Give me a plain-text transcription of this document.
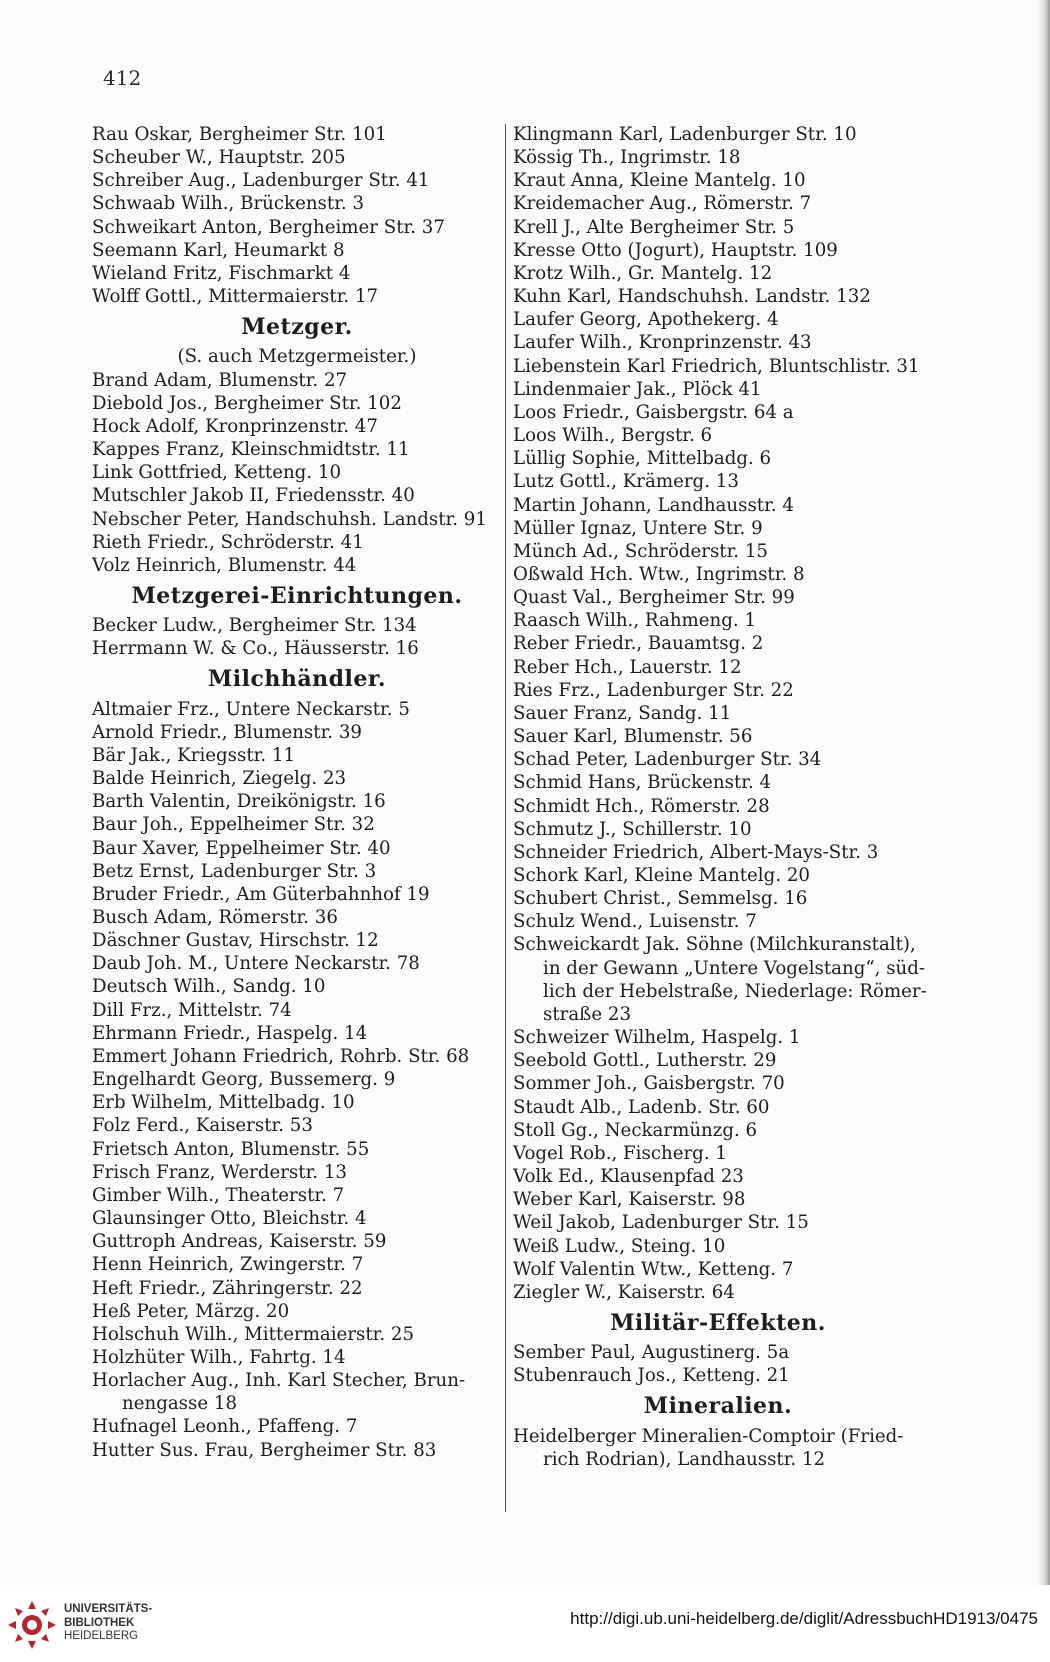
412
Rau Oskar, Bergheimer Str. 101
Scheuber W., Hauptstr. 205
Schreiber Aug., Ladenburger Str. 41
Schwaab Wilh., Brückenstr. 3
Schweikart Anton, Bergheimer Str. 37
Seemann Karl, Heumarkt 8
Wieland Fritz, Fischmarkt 4
Wolff Gottl., Mittermaierstr. 17
Metzger.
(S. auch Metzgermeister.)
Brand Adam, Blumenstr. 27
Diebold Jos., Bergheimer Str. 102
Hock Adolf, Kronprinzenstr. 47
Kappes Franz, Kleinschmidtstr. 11
Link Gottfried, Ketteng. 10
Mutschler Jakob II, Friedensstr. 40
Nebscher Peter, Handschuhsh. Landstr. 91
Rieth Friedr., Schröderstr. 41
Volz Heinrich, Blumenstr. 44
Metzgerei-Einrichtungen.
Becker Ludw., Bergheimer Str. 134
Herrmann W. & Co., Häusserstr. 16
Milchhändler.
Altmaier Frz., Untere Neckarstr. 5
Arnold Friedr., Blumenstr. 39
Bär Jak., Kriegsstr. 11
Balde Heinrich, Ziegelg. 23
Barth Valentin, Dreikönigstr. 16
Baur Joh., Eppelheimer Str. 32
Baur Xaver, Eppelheimer Str. 40
Betz Ernst, Ladenburger Str. 3
Bruder Friedr., Am Güterbahnhof 19
Busch Adam, Römerstr. 36
Däschner Gustav, Hirschstr. 12
Daub Joh. M., Untere Neckarstr. 78
Deutsch Wilh., Sandg. 10
Dill Frz., Mittelstr. 74
Ehrmann Friedr., Haspelg. 14
Emmert Johann Friedrich, Rohrb. Str. 68
Engelhardt Georg, Bussemerg. 9
Erb Wilhelm, Mittelbadg. 10
Folz Ferd., Kaiserstr. 53
Frietsch Anton, Blumenstr. 55
Frisch Franz, Werderstr. 13
Gimber Wilh., Theaterstr. 7
Glaunsinger Otto, Bleichstr. 4
Guttroph Andreas, Kaiserstr. 59
Henn Heinrich, Zwingerstr. 7
Heft Friedr., Zähringerstr. 22
Heß Peter, Märzg. 20
Holschuh Wilh., Mittermaierstr. 25
Holzhüter Wilh., Fahrtg. 14
Horlacher Aug., Inh. Karl Stecher, Brun-
nengasse 18
Hufnagel Leonh., Pfaffeng. 7
Hutter Sus. Frau, Bergheimer Str. 83
Klingmann Karl, Ladenburger Str. 10
Kössig Th., Ingrimstr. 18
Kraut Anna, Kleine Mantelg. 10
Kreidemacher Aug., Römerstr. 7
Krell J., Alte Bergheimer Str. 5
Kresse Otto (Jogurt), Hauptstr. 109
Krotz Wilh., Gr. Mantelg. 12
Kuhn Karl, Handschuhsh. Landstr. 132
Laufer Georg, Apothekerg. 4
Laufer Wilh., Kronprinzenstr. 43
Liebenstein Karl Friedrich, Bluntschlistr. 31
Lindenmaier Jak., Plöck 41
Loos Friedr., Gaisbergstr. 64 a
Loos Wilh., Bergstr. 6
Lüllig Sophie, Mittelbadg. 6
Lutz Gottl., Krämerg. 13
Martin Johann, Landhausstr. 4
Müller Ignaz, Untere Str. 9
Münch Ad., Schröderstr. 15
Oßwald Hch. Wtw., Ingrimstr. 8
Quast Val., Bergheimer Str. 99
Raasch Wilh., Rahmeng. 1
Reber Friedr., Bauamtsg. 2
Reber Hch., Lauerstr. 12
Ries Frz., Ladenburger Str. 22
Sauer Franz, Sandg. 11
Sauer Karl, Blumenstr. 56
Schad Peter, Ladenburger Str. 34
Schmid Hans, Brückenstr. 4
Schmidt Hch., Römerstr. 28
Schmutz J., Schillerstr. 10
Schneider Friedrich, Albert-Mays-Str. 3
Schork Karl, Kleine Mantelg. 20
Schubert Christ., Semmelsg. 16
Schulz Wend., Luisenstr. 7
Schweickardt Jak. Söhne (Milchkuranstalt),
in der Gewann „Untere Vogelstang“, süd-
lich der Hebelstraße, Niederlage: Römer-
straße 23
Schweizer Wilhelm, Haspelg. 1
Seebold Gottl., Lutherstr. 29
Sommer Joh., Gaisbergstr. 70
Staudt Alb., Ladenb. Str. 60
Stoll Gg., Neckarmünzg. 6
Vogel Rob., Fischerg. 1
Volk Ed., Klausenpfad 23
Weber Karl, Kaiserstr. 98
Weil Jakob, Ladenburger Str. 15
Weiß Ludw., Steing. 10
Wolf Valentin Wtw., Ketteng. 7
Ziegler W., Kaiserstr. 64
Militär-Effekten.
Sember Paul, Augustinerg. 5a
Stubenrauch Jos., Ketteng. 21
Mineralien.
Heidelberger Mineralien-Comptoir (Fried-
rich Rodrian), Landhausstr. 12
UNIVERSITÄTS-
BIBLIOTHEK
HEIDELBERG
http://digi.ub.uni-heidelberg.de/diglit/AdressbuchHD1913/0475
